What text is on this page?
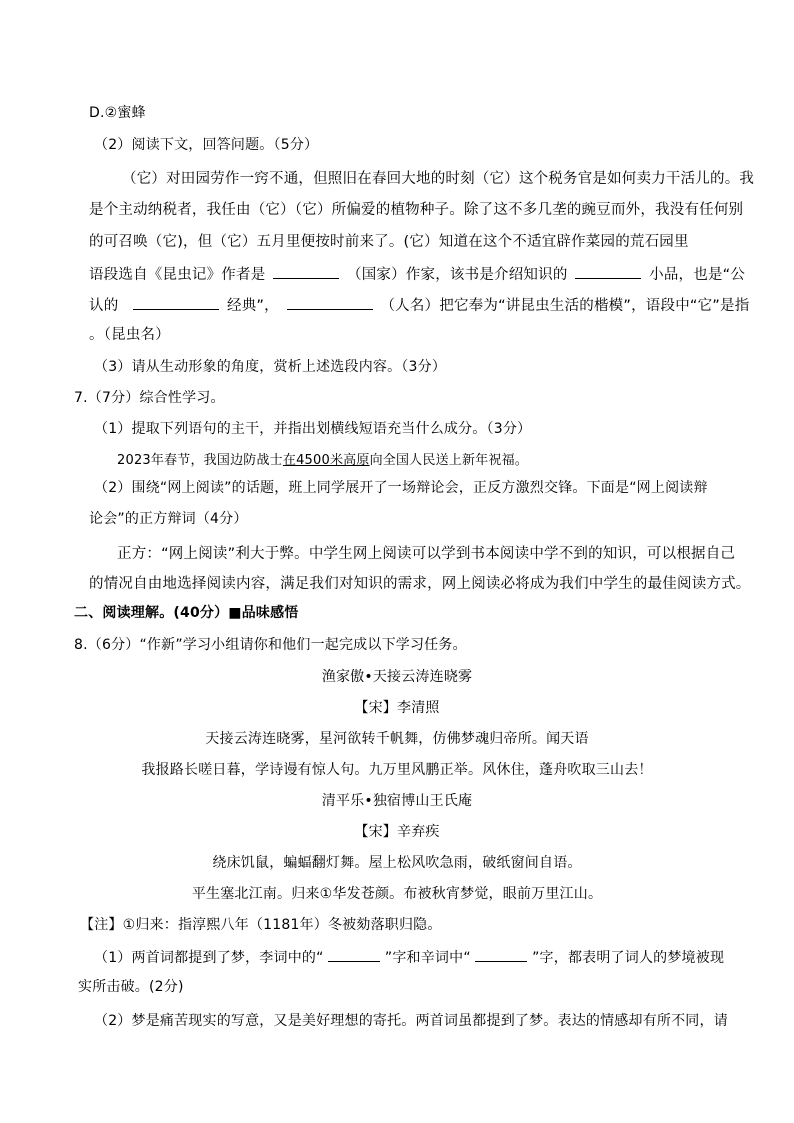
D.②蜜蜂
（2）阅读下文，回答问题。（5分）
（它）对田园劳作一窍不通，但照旧在春回大地的时刻（它）这个税务官是如何卖力干活儿的。我
是个主动纳税者，我任由（它）（它）所偏爱的植物种子。除了这不多几垄的豌豆而外，我没有任何别
的可召唤（它)，但（它）五月里便按时前来了。(它）知道在这个不适宜辟作菜园的荒石园里
语段选自《昆虫记》作者是	（国家）作家，该书是介绍知识的	小品，也是“公
认的	经典”，	（人名）把它奉为“讲昆虫生活的楷模”，语段中“它”是指
。（昆虫名）
（3）请从生动形象的角度，赏析上述选段内容。（3分）
7.（7分）综合性学习。
（1）提取下列语句的主干，并指出划横线短语充当什么成分。（3分）
2023年春节，我国边防战士在4500米高原向全国人民送上新年祝福。
（2）围绕“网上阅读”的话题，班上同学展开了一场辩论会，正反方激烈交锋。下面是“网上阅读辩
论会”的正方辩词（4分）
正方：“网上阅读”利大于弊。中学生网上阅读可以学到书本阅读中学不到的知识，可以根据自己
的情况自由地选择阅读内容，满足我们对知识的需求，网上阅读必将成为我们中学生的最佳阅读方式。
二、阅读理解。(40分）■品味感悟
8.（6分）“作新”学习小组请你和他们一起完成以下学习任务。
渔家傲•天接云涛连晓雾
【宋】李清照
天接云涛连晓雾，星河欲转千帆舞，仿佛梦魂归帝所。闻天语
我报路长嗟日暮，学诗谩有惊人句。九万里风鹏正举。风休住，蓬舟吹取三山去！
清平乐•独宿博山王氏庵
【宋】辛弃疾
绕床饥鼠，蝙蝠翻灯舞。屋上松风吹急雨，破纸窗间自语。
平生塞北江南。归来①华发苍颜。布被秋宵梦觉，眼前万里江山。
【注】①归来：指淳熙八年（1181年）冬被劾落职归隐。
（1）两首词都提到了梦，李词中的“	”字和辛词中“	”字，都表明了词人的梦境被现
实所击破。(2分)
（2）梦是痛苦现实的写意，又是美好理想的寄托。两首词虽都提到了梦。表达的情感却有所不同，请
